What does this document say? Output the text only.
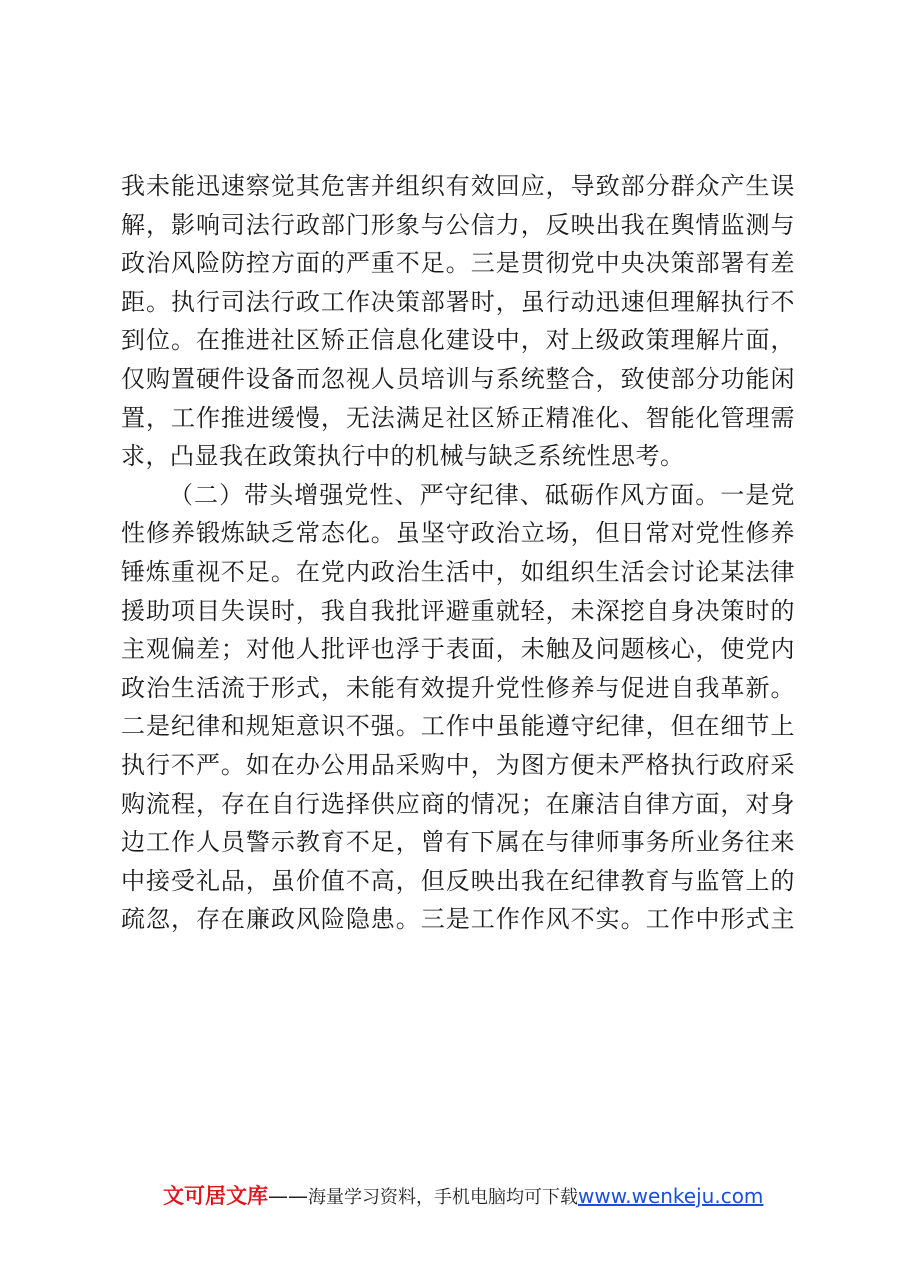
我未能迅速察觉其危害并组织有效回应，导致部分群众产生误
解，影响司法行政部门形象与公信力，反映出我在舆情监测与
政治风险防控方面的严重不足。三是贯彻党中央决策部署有差
距。执行司法行政工作决策部署时，虽行动迅速但理解执行不
到位。在推进社区矫正信息化建设中，对上级政策理解片面，
仅购置硬件设备而忽视人员培训与系统整合，致使部分功能闲
置，工作推进缓慢，无法满足社区矫正精准化、智能化管理需
求，凸显我在政策执行中的机械与缺乏系统性思考。
（二）带头增强党性、严守纪律、砥砺作风方面。一是党
性修养锻炼缺乏常态化。虽坚守政治立场，但日常对党性修养
锤炼重视不足。在党内政治生活中，如组织生活会讨论某法律
援助项目失误时，我自我批评避重就轻，未深挖自身决策时的
主观偏差；对他人批评也浮于表面，未触及问题核心，使党内
政治生活流于形式，未能有效提升党性修养与促进自我革新。
二是纪律和规矩意识不强。工作中虽能遵守纪律，但在细节上
执行不严。如在办公用品采购中，为图方便未严格执行政府采
购流程，存在自行选择供应商的情况；在廉洁自律方面，对身
边工作人员警示教育不足，曾有下属在与律师事务所业务往来
中接受礼品，虽价值不高，但反映出我在纪律教育与监管上的
疏忽，存在廉政风险隐患。三是工作作风不实。工作中形式主
文可居文库——海量学习资料，手机电脑均可下载www.wenkeju.com
